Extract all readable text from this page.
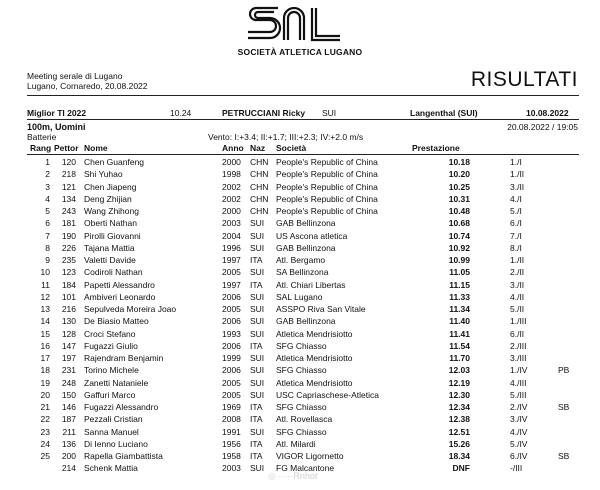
SOCIETÀ ATLETICA LUGANO
Meeting serale di Lugano
Lugano, Cornaredo, 20.08.2022	RISULTATI
Miglior TI 2022	10.24	PETRUCCIANI Ricky SUI	Langenthal (SUI)	10.08.2022
100m, Uomini	20.08.2022 / 19:05
Batterie	Vento: I:+3.4; II:+1.7; III:+2.3; IV:+2.0 m/s
Rang Pettor Nome	Anno Naz Società	Prestazione
1	120 Chen Guanfeng	2000 CHN People's Republic of China	10.18	1./I
2	218 Shi Yuhao	1998 CHN People's Republic of China	10.20	1./II
3	121 Chen Jiapeng	2002 CHN People's Republic of China	10.25	3./II
4	134 Deng Zhijian	2002 CHN People's Republic of China	10.31	4./I
5	243 Wang Zhihong	2000 CHN People's Republic of China	10.48	5./I
6	181 Oberti Nathan	2003 SUI GAB Bellinzona	10.68	6./I
7	190 Pirolli Giovanni	2004 SUI US Ascona atletica	10.74	7./I
8	226 Tajana Mattia	1996 SUI GAB Bellinzona	10.92	8./I
9	235 Valetti Davide	1997 ITA Atl. Bergamo	10.99	1./II
10	123 Codiroli Nathan	2005 SUI SA Bellinzona	11.05	2./II
11	184 Papetti Alessandro	1997 ITA Atl. Chiari Libertas	11.15	3./II
12	101 Ambiveri Leonardo	2006 SUI SAL Lugano	11.33	4./II
13	216 Sepulveda Moreira Joao	2005 SUI ASSPO Riva San Vitale	11.34	5./II
14	130 De Biasio Matteo	2006 SUI GAB Bellinzona	11.40	1./III
15	128 Croci Stefano	1993 SUI Atletica Mendrisiotto	11.41	6./II
16	147 Fugazzi Giulio	2006 ITA SFG Chiasso	11.54	2./III
17	197 Rajendram Benjamin	1999 SUI Atletica Mendrisiotto	11.70	3./III
18	231 Torino Michele	2006 SUI SFG Chiasso	12.03	1./IV	PB
19	248 Zanetti Nataniele	2005 SUI Atletica Mendrisiotto	12.19	4./III
20	150 Gaffuri Marco	2005 SUI USC Capriaschese-Atletica	12.30	5./III
21	146 Fugazzi Alessandro	1969 ITA SFG Chiasso	12.34	2./IV	SB
22	187 Pezzali Cristian	2008 ITA Atl. Rovellasca	12.38	3./IV
23	211 Sanna Manuel	1991 SUI SFG Chiasso	12.51	4./IV
24	136 Di Ienno Luciano	1956 ITA Atl. Milardi	15.26	5./IV
25	200 Rapella Giambattista	1958 ITA VIGOR Ligornetto	18.34	6./IV	SB
214 Schenk Mattia	2003 SUI FG Malcantone	DNF	-/III
◎ ·····Rnhot
